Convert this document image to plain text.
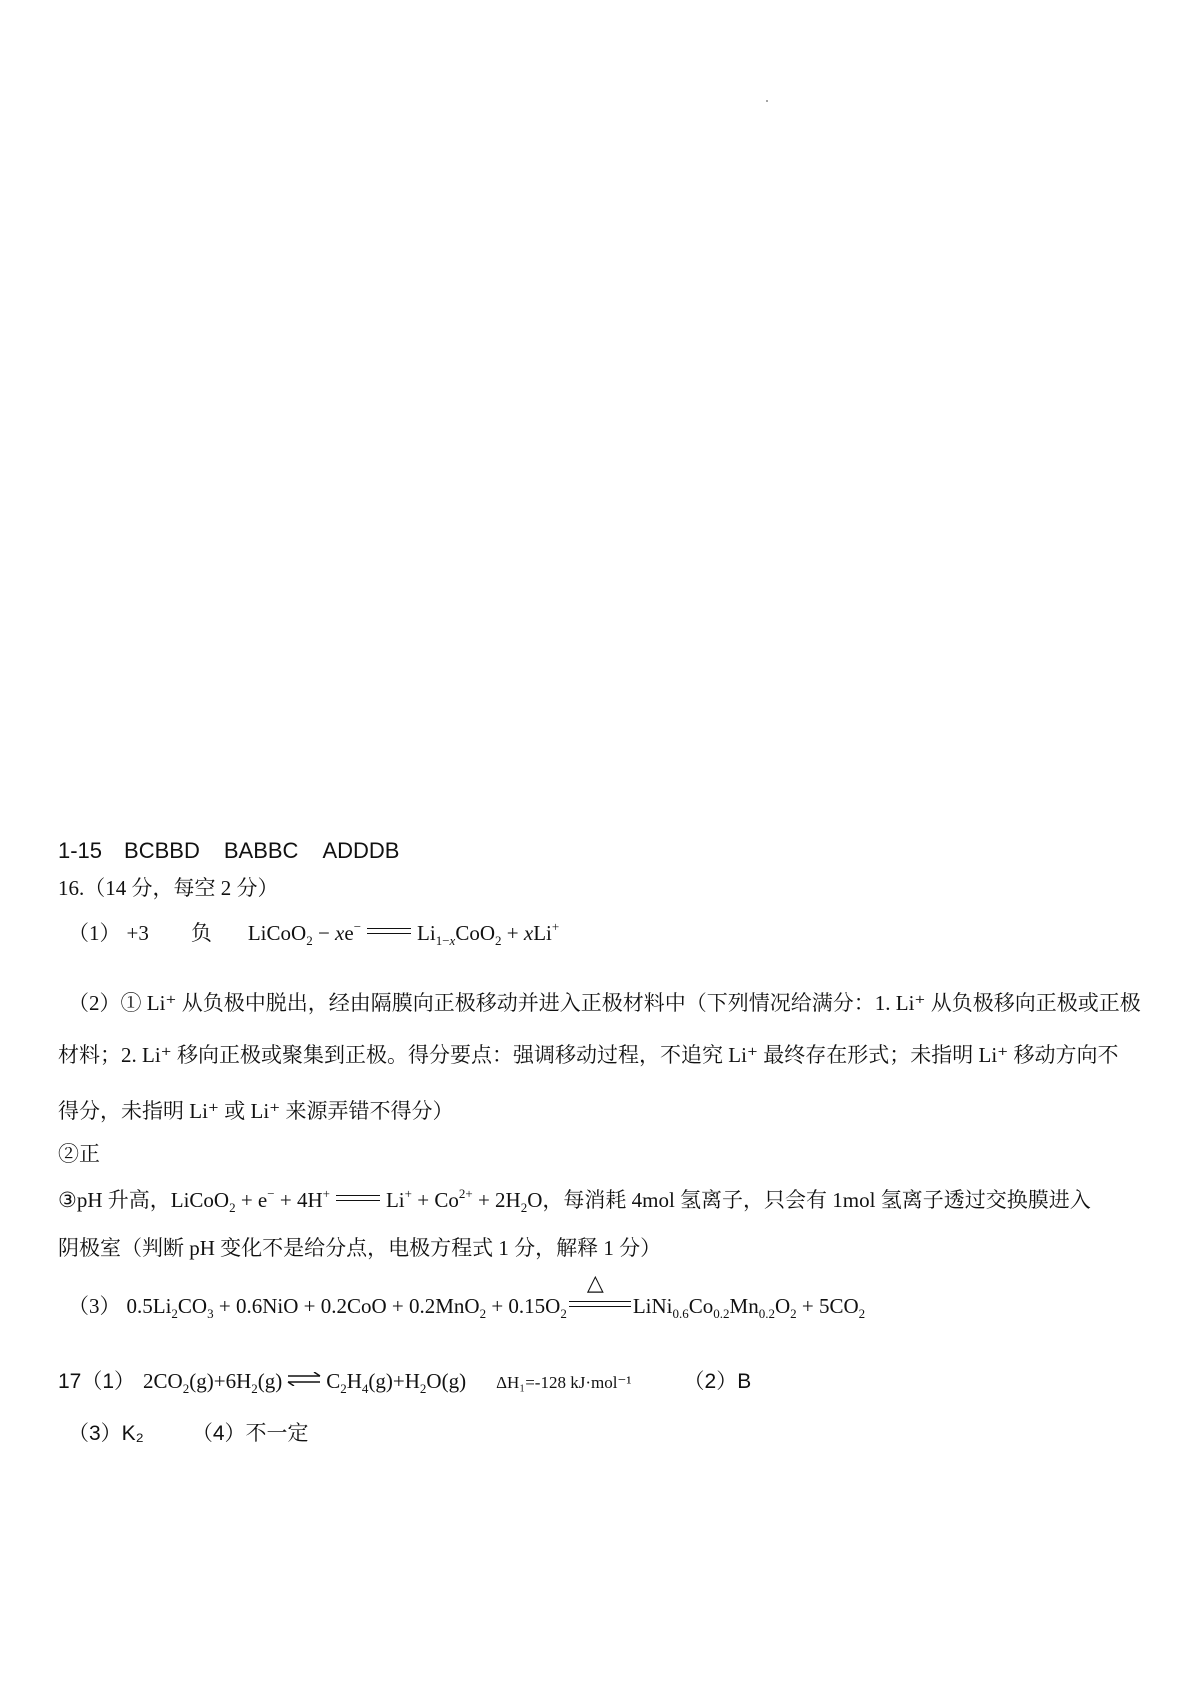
1-15 BCBBD BABBC ADDDB
16.（14 分，每空 2 分）
（1） +3 负 LiCoO$_2$ − xe−	$Li_{1-x}CoO_2 + xLi^+$
（2）① Li⁺ 从负极中脱出，经由隔膜向正极移动并进入正极材料中（下列情况给满分：1. Li⁺ 从负极移向正极或正极
材料；2. Li⁺ 移向正极或聚集到正极。得分要点：强调移动过程，不追究 Li⁺ 最终存在形式；未指明 Li⁺ 移动方向不
得分，未指明 Li⁺ 或 Li⁺ 来源弄错不得分）
②正
③pH 升高，LiCoO$_2$ + e− + 4H+	$Li^+ + Co^{2+} + 2H_2O$，每消耗 4mol 氢离子，只会有 1mol 氢离子透过交换膜进入
阴极室（判断 pH 变化不是给分点，电极方程式 1 分，解释 1 分）
（3） $0.5Li_2CO_3 + 0.6NiO + 0.2CoO + 0.2MnO_2 + 0.15O_2$
△
$LiNi_{0.6}Co_{0.2}Mn_{0.2}O_2 + 5CO_2$
17（1） $2CO_2(g)+6H_2(g)$ $C_2H_4(g)+H_2O(g)$ ΔH₁=-128 kJ·mol⁻¹ （2）B
（3）K₂ （4）不一定
